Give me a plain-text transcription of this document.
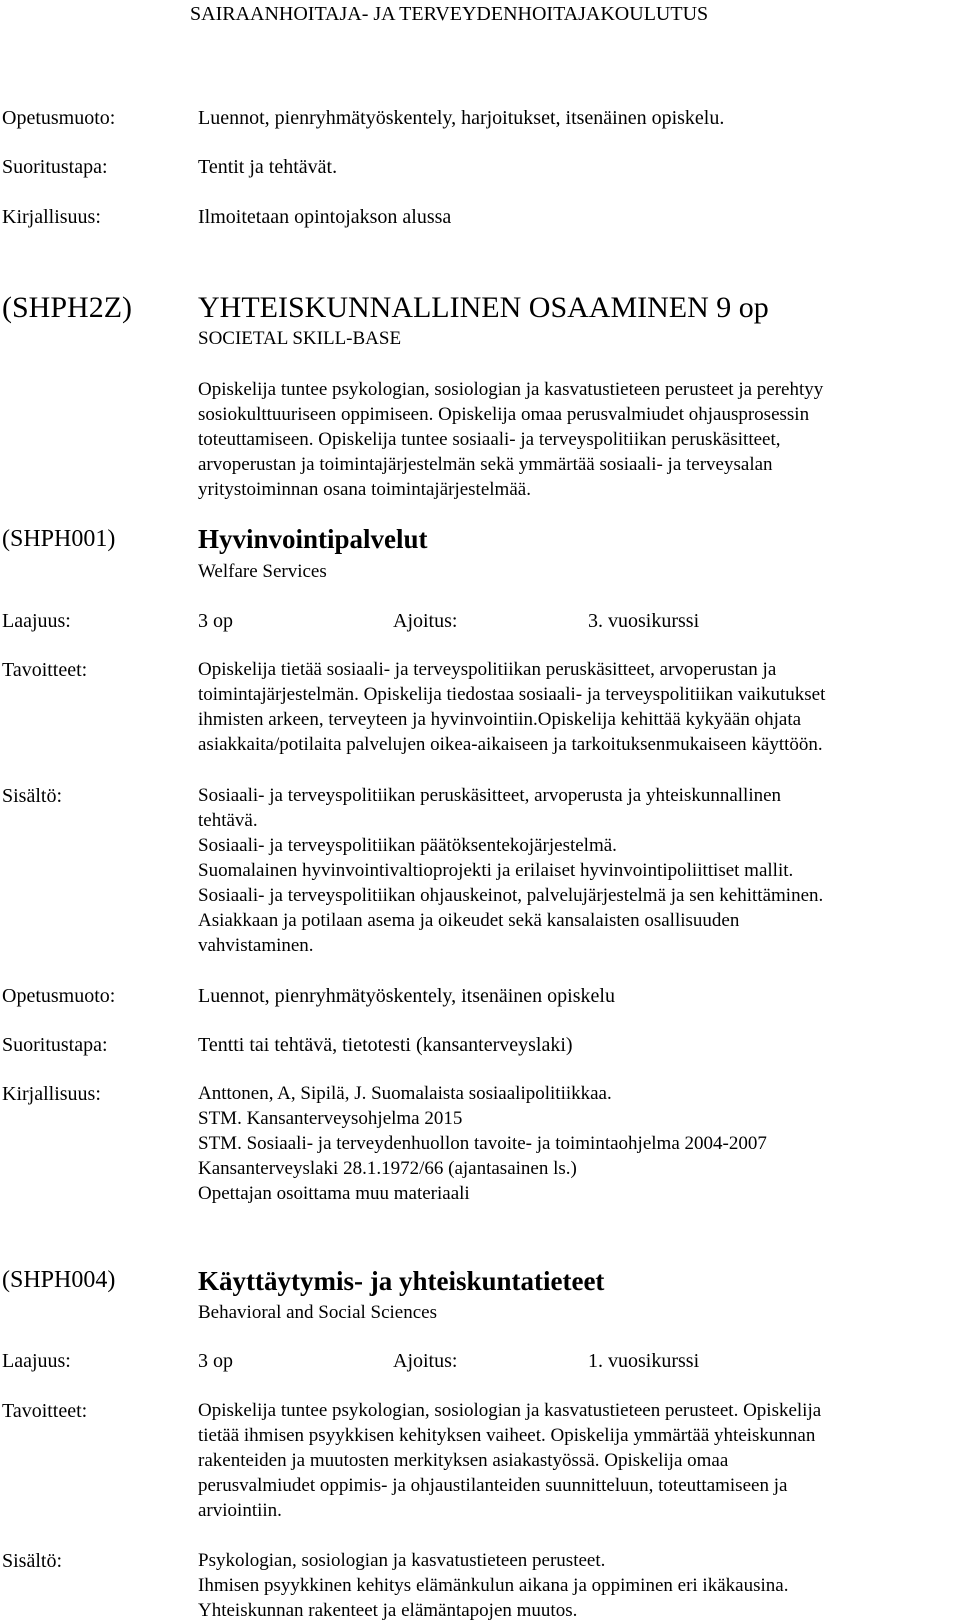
SAIRAANHOITAJA- JA TERVEYDENHOITAJAKOULUTUS
Opetusmuoto:	Luennot, pienryhmätyöskentely, harjoitukset, itsenäinen opiskelu.
Suoritustapa:	Tentit ja tehtävät.
Kirjallisuus:	Ilmoitetaan opintojakson alussa
(SHPH2Z) YHTEISKUNNALLINEN OSAAMINEN 9 op
SOCIETAL SKILL-BASE
Opiskelija tuntee psykologian, sosiologian ja kasvatustieteen perusteet ja perehtyy
sosiokulttuuriseen oppimiseen. Opiskelija omaa perusvalmiudet ohjausprosessin
toteuttamiseen. Opiskelija tuntee sosiaali- ja terveyspolitiikan peruskäsitteet,
arvoperustan ja toimintajärjestelmän sekä ymmärtää sosiaali- ja terveysalan
yritystoiminnan osana toimintajärjestelmää.
(SHPH001)	Hyvinvointipalvelut
Welfare Services
Laajuus:	3 op	Ajoitus:	3. vuosikurssi
Tavoitteet:	Opiskelija tietää sosiaali- ja terveyspolitiikan peruskäsitteet, arvoperustan ja
toimintajärjestelmän. Opiskelija tiedostaa sosiaali- ja terveyspolitiikan vaikutukset
ihmisten arkeen, terveyteen ja hyvinvointiin.Opiskelija kehittää kykyään ohjata
asiakkaita/potilaita palvelujen oikea-aikaiseen ja tarkoituksenmukaiseen käyttöön.
Sisältö:	Sosiaali- ja terveyspolitiikan peruskäsitteet, arvoperusta ja yhteiskunnallinen
tehtävä.
Sosiaali- ja terveyspolitiikan päätöksentekojärjestelmä.
Suomalainen hyvinvointivaltioprojekti ja erilaiset hyvinvointipoliittiset mallit.
Sosiaali- ja terveyspolitiikan ohjauskeinot, palvelujärjestelmä ja sen kehittäminen.
Asiakkaan ja potilaan asema ja oikeudet sekä kansalaisten osallisuuden
vahvistaminen.
Opetusmuoto:	Luennot, pienryhmätyöskentely, itsenäinen opiskelu
Suoritustapa:	Tentti tai tehtävä, tietotesti (kansanterveyslaki)
Kirjallisuus:	Anttonen, A, Sipilä, J. Suomalaista sosiaalipolitiikkaa.
STM. Kansanterveysohjelma 2015
STM. Sosiaali- ja terveydenhuollon tavoite- ja toimintaohjelma 2004-2007
Kansanterveyslaki 28.1.1972/66 (ajantasainen ls.)
Opettajan osoittama muu materiaali
(SHPH004)	Käyttäytymis- ja yhteiskuntatieteet
Behavioral and Social Sciences
Laajuus:	3 op	Ajoitus:	1. vuosikurssi
Tavoitteet:	Opiskelija tuntee psykologian, sosiologian ja kasvatustieteen perusteet. Opiskelija
tietää ihmisen psyykkisen kehityksen vaiheet. Opiskelija ymmärtää yhteiskunnan
rakenteiden ja muutosten merkityksen asiakastyössä. Opiskelija omaa
perusvalmiudet oppimis- ja ohjaustilanteiden suunnitteluun, toteuttamiseen ja
arviointiin.
Sisältö:	Psykologian, sosiologian ja kasvatustieteen perusteet.
Ihmisen psyykkinen kehitys elämänkulun aikana ja oppiminen eri ikäkausina.
Yhteiskunnan rakenteet ja elämäntapojen muutos.
